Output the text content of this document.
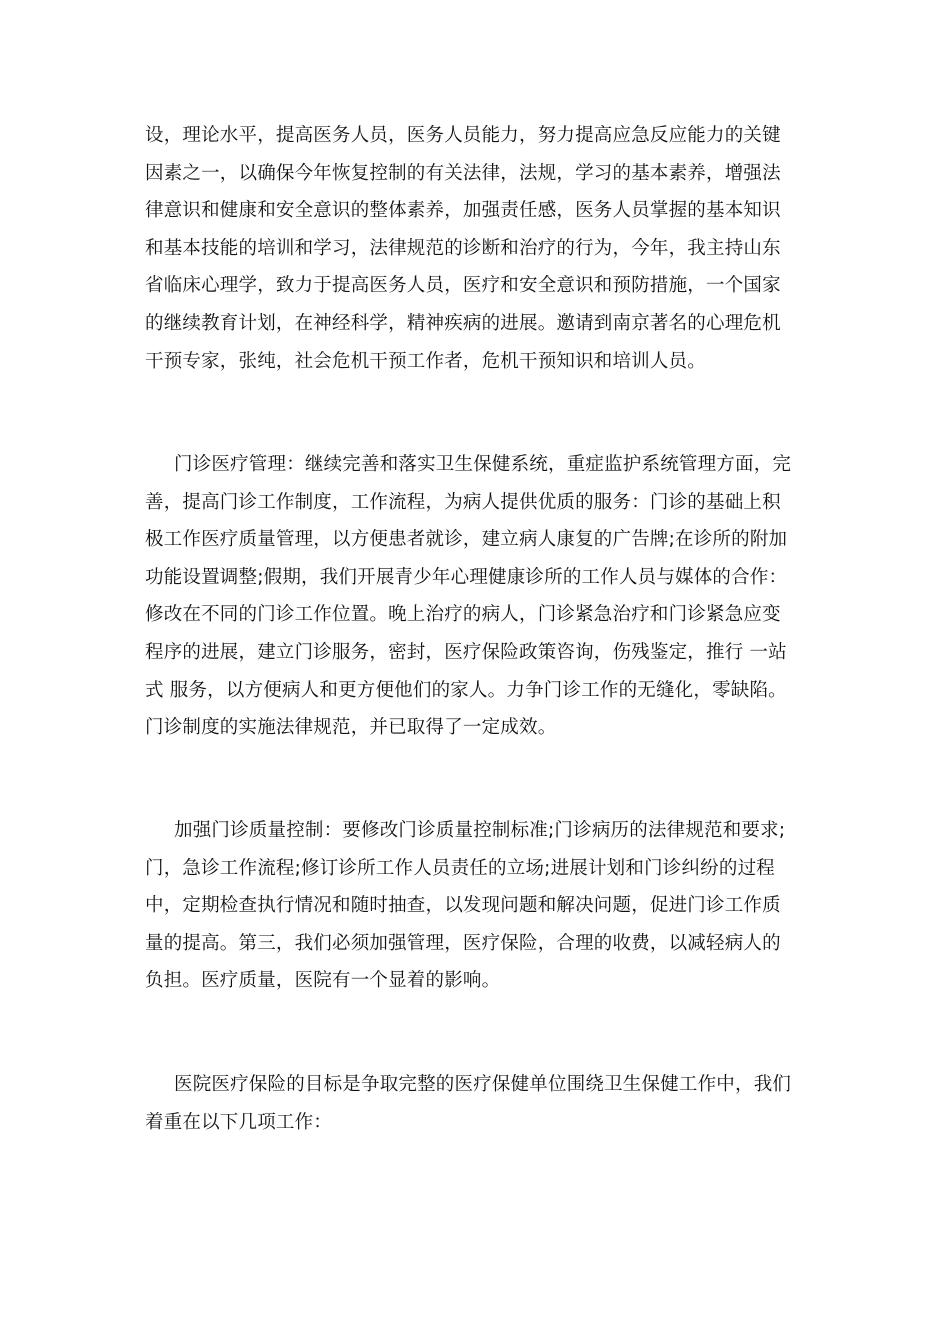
设，理论水平，提高医务人员，医务人员能力，努力提高应急反应能力的关键
因素之一，以确保今年恢复控制的有关法律，法规，学习的基本素养，增强法
律意识和健康和安全意识的整体素养，加强责任感，医务人员掌握的基本知识
和基本技能的培训和学习，法律规范的诊断和治疗的行为，今年，我主持山东
省临床心理学，致力于提高医务人员，医疗和安全意识和预防措施，一个国家
的继续教育计划，在神经科学，精神疾病的进展。邀请到南京著名的心理危机
干预专家，张纯，社会危机干预工作者，危机干预知识和培训人员。
门诊医疗管理：继续完善和落实卫生保健系统，重症监护系统管理方面，完
善，提高门诊工作制度，工作流程，为病人提供优质的服务：门诊的基础上积
极工作医疗质量管理，以方便患者就诊，建立病人康复的广告牌;在诊所的附加
功能设置调整;假期，我们开展青少年心理健康诊所的工作人员与媒体的合作：
修改在不同的门诊工作位置。晚上治疗的病人，门诊紧急治疗和门诊紧急应变
程序的进展，建立门诊服务，密封，医疗保险政策咨询，伤残鉴定，推行 一站
式 服务，以方便病人和更方便他们的家人。力争门诊工作的无缝化，零缺陷。
门诊制度的实施法律规范，并已取得了一定成效。
加强门诊质量控制：要修改门诊质量控制标准;门诊病历的法律规范和要求;
门，急诊工作流程;修订诊所工作人员责任的立场;进展计划和门诊纠纷的过程
中，定期检查执行情况和随时抽查，以发现问题和解决问题，促进门诊工作质
量的提高。第三，我们必须加强管理，医疗保险，合理的收费，以减轻病人的
负担。医疗质量，医院有一个显着的影响。
医院医疗保险的目标是争取完整的医疗保健单位围绕卫生保健工作中，我们
着重在以下几项工作：
